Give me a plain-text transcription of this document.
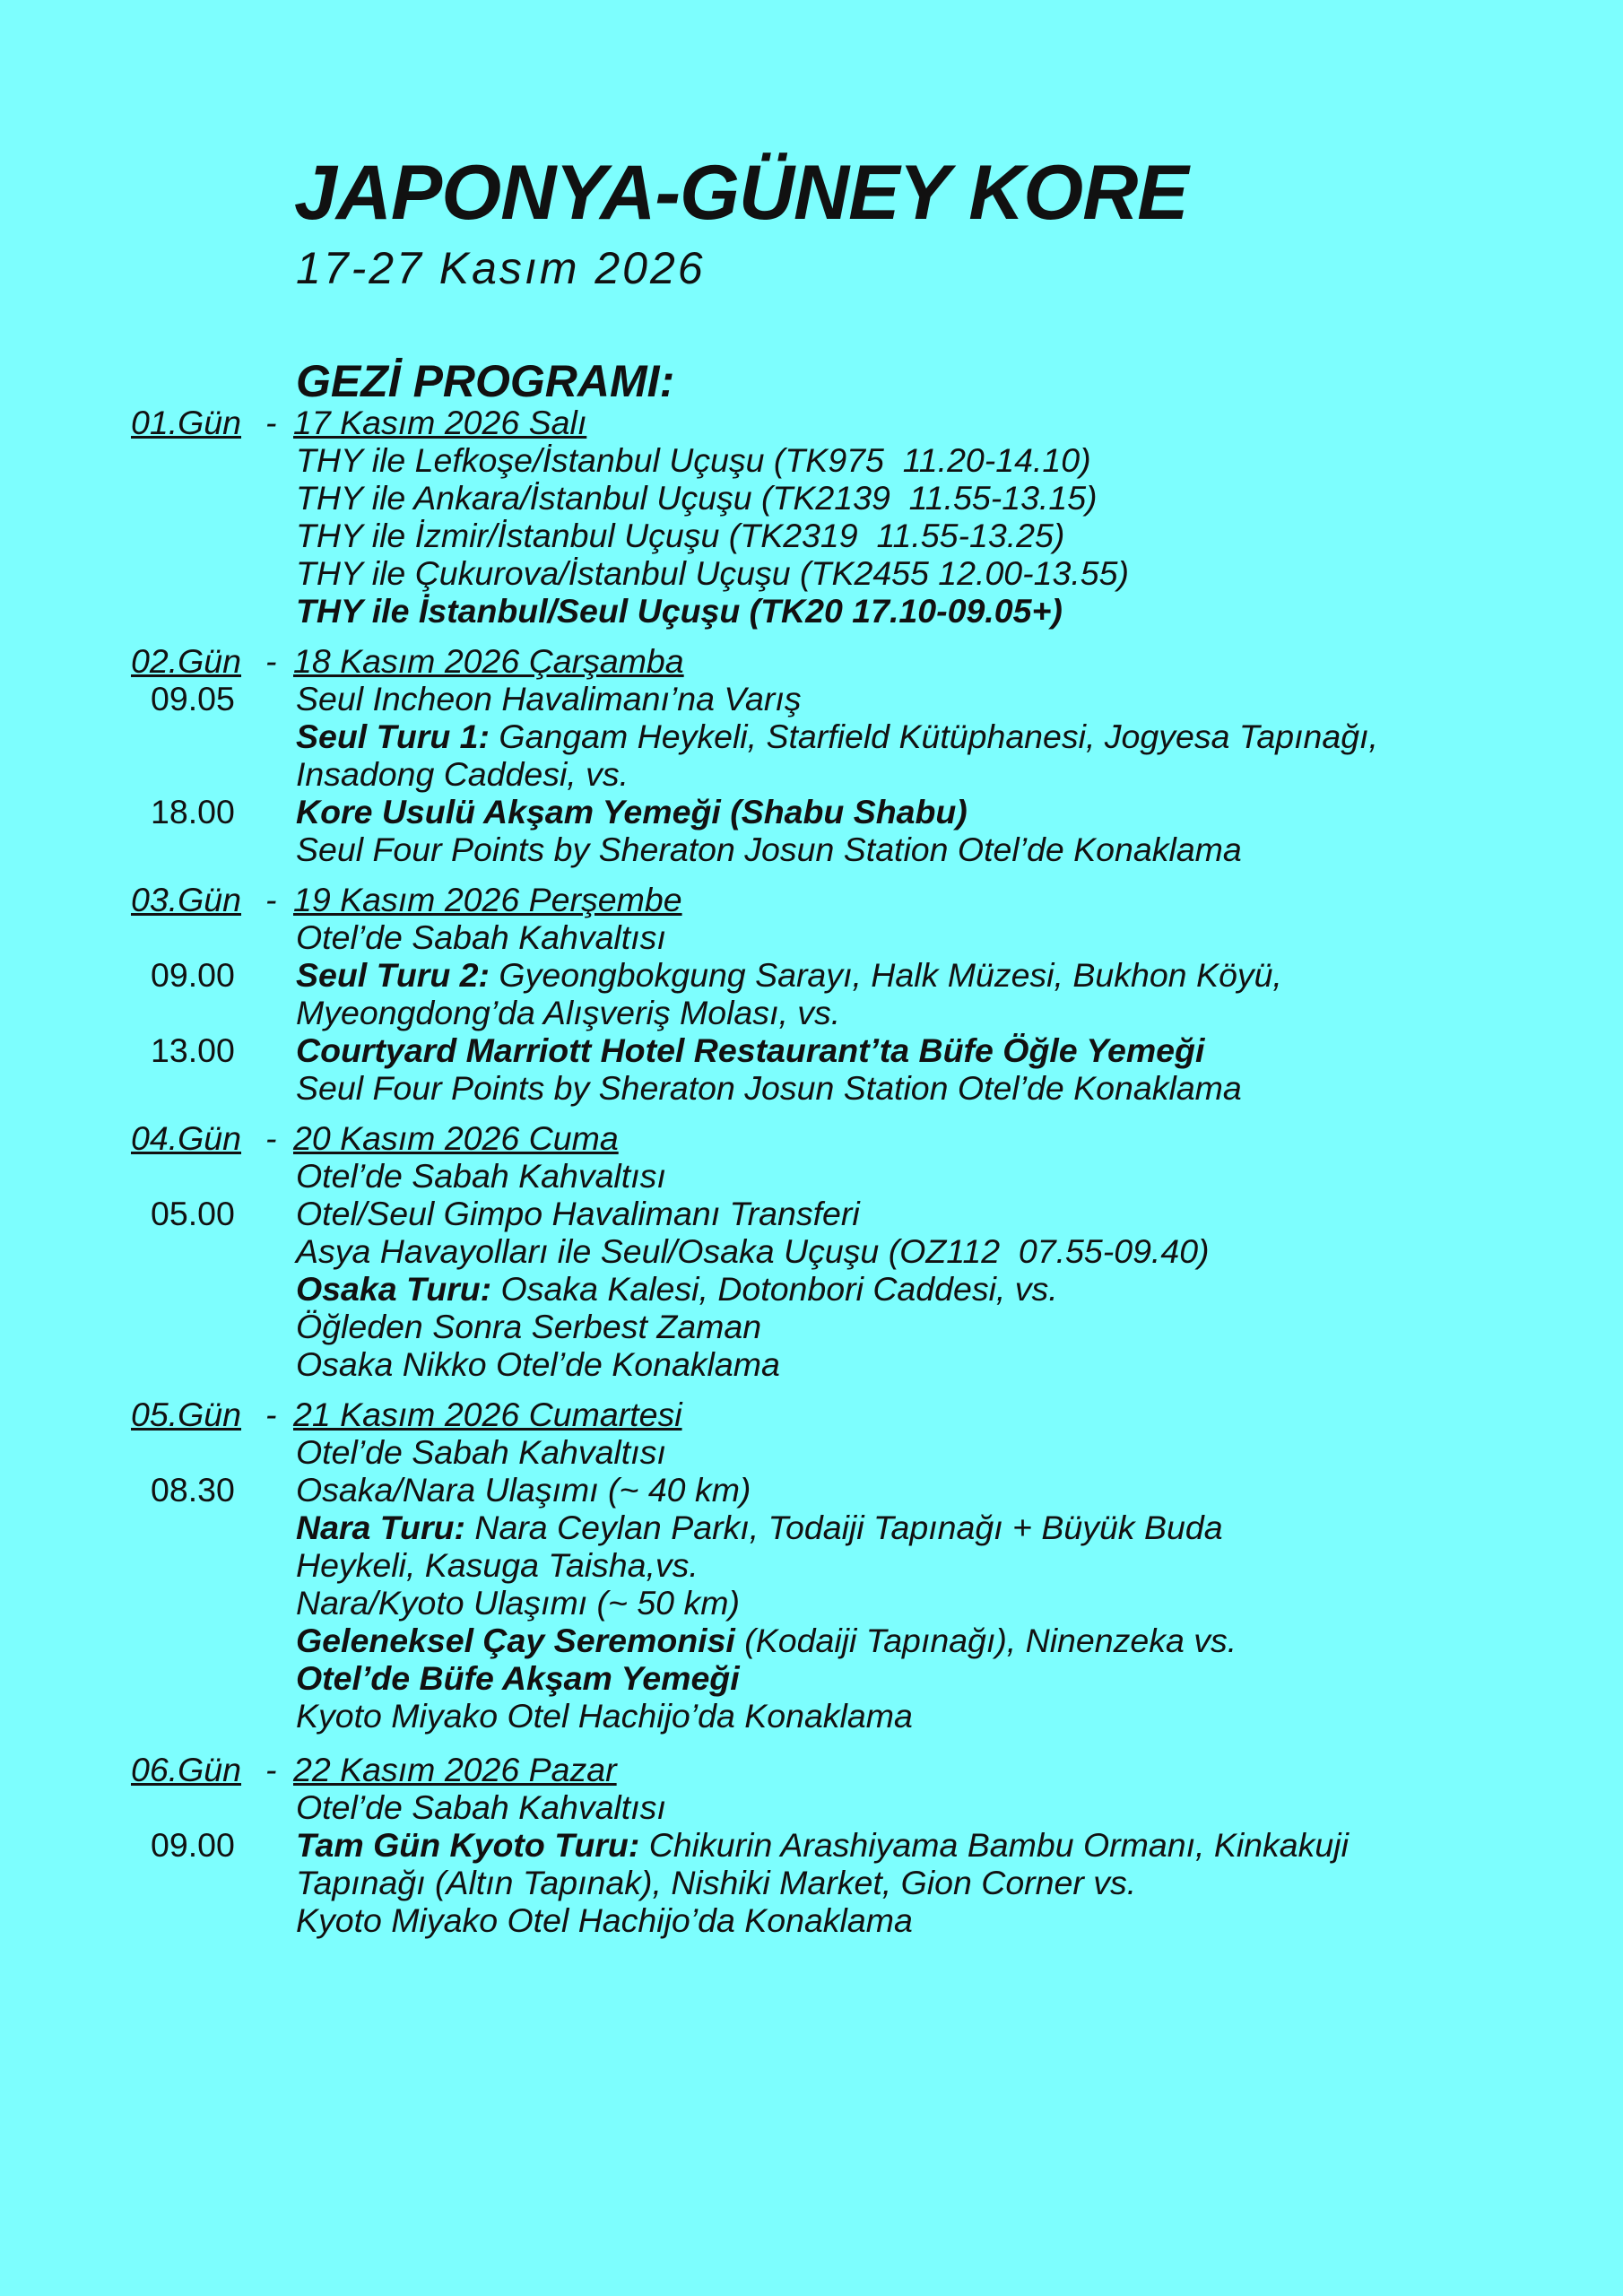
JAPONYA-GÜNEY KORE
17-27 Kasım 2026
GEZİ PROGRAMI:
01.Gün - 17 Kasım 2026 Salı
THY ile Lefkoşe/İstanbul Uçuşu (TK975  11.20-14.10)
THY ile Ankara/İstanbul Uçuşu (TK2139  11.55-13.15)
THY ile İzmir/İstanbul Uçuşu (TK2319  11.55-13.25)
THY ile Çukurova/İstanbul Uçuşu (TK2455 12.00-13.55)
THY ile İstanbul/Seul Uçuşu (TK20 17.10-09.05+)
02.Gün - 18 Kasım 2026 Çarşamba
09.05 Seul Incheon Havalimanı’na Varış
Seul Turu 1: Gangam Heykeli, Starfield Kütüphanesi, Jogyesa Tapınağı,
Insadong Caddesi, vs.
18.00 Kore Usulü Akşam Yemeği (Shabu Shabu)
Seul Four Points by Sheraton Josun Station Otel’de Konaklama
03.Gün - 19 Kasım 2026 Perşembe
Otel’de Sabah Kahvaltısı
09.00 Seul Turu 2: Gyeongbokgung Sarayı, Halk Müzesi, Bukhon Köyü,
Myeongdong’da Alışveriş Molası, vs.
13.00 Courtyard Marriott Hotel Restaurant’ta Büfe Öğle Yemeği
Seul Four Points by Sheraton Josun Station Otel’de Konaklama
04.Gün - 20 Kasım 2026 Cuma
Otel’de Sabah Kahvaltısı
05.00 Otel/Seul Gimpo Havalimanı Transferi
Asya Havayolları ile Seul/Osaka Uçuşu (OZ112  07.55-09.40)
Osaka Turu: Osaka Kalesi, Dotonbori Caddesi, vs.
Öğleden Sonra Serbest Zaman
Osaka Nikko Otel’de Konaklama
05.Gün - 21 Kasım 2026 Cumartesi
Otel’de Sabah Kahvaltısı
08.30 Osaka/Nara Ulaşımı (~ 40 km)
Nara Turu: Nara Ceylan Parkı, Todaiji Tapınağı + Büyük Buda
Heykeli, Kasuga Taisha,vs.
Nara/Kyoto Ulaşımı (~ 50 km)
Geleneksel Çay Seremonisi (Kodaiji Tapınağı), Ninenzeka vs.
Otel’de Büfe Akşam Yemeği
Kyoto Miyako Otel Hachijo’da Konaklama
06.Gün - 22 Kasım 2026 Pazar
Otel’de Sabah Kahvaltısı
09.00 Tam Gün Kyoto Turu: Chikurin Arashiyama Bambu Ormanı, Kinkakuji
Tapınağı (Altın Tapınak), Nishiki Market, Gion Corner vs.
Kyoto Miyako Otel Hachijo’da Konaklama
